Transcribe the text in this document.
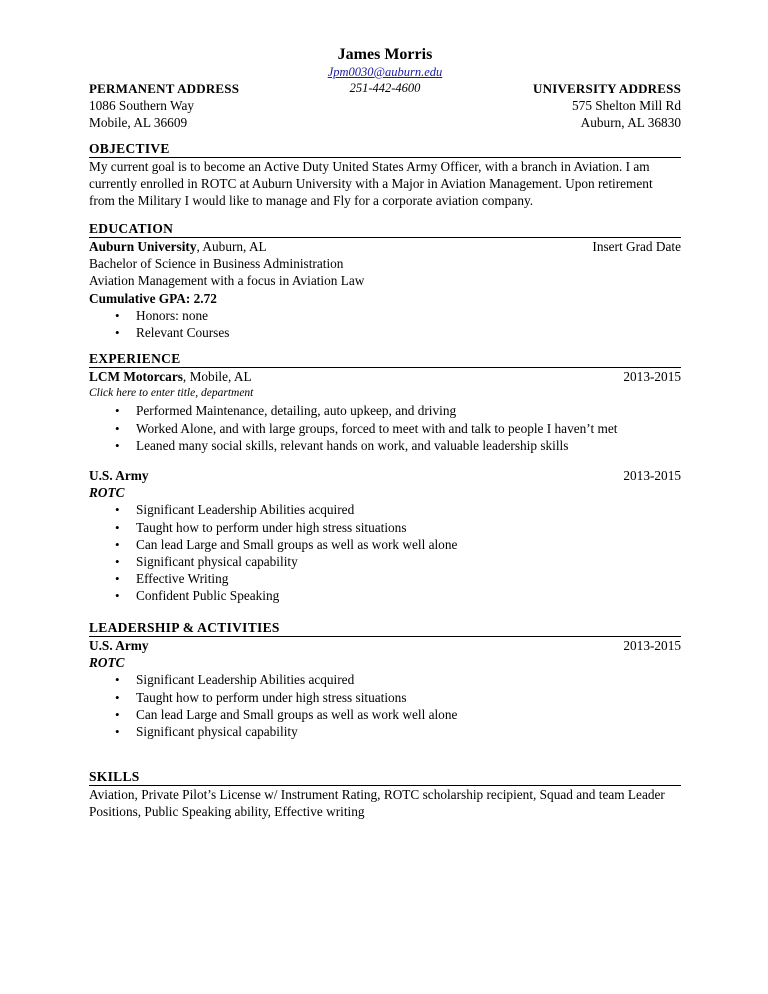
James Morris
Jpm0030@auburn.edu
251-442-4600
PERMANENT ADDRESS
1086 Southern Way
Mobile, AL 36609
UNIVERSITY ADDRESS
575 Shelton Mill Rd
Auburn, AL 36830
OBJECTIVE
My current goal is to become an Active Duty United States Army Officer, with a branch in Aviation. I am currently enrolled in ROTC at Auburn University with a Major in Aviation Management. Upon retirement from the Military I would like to manage and Fly for a corporate aviation company.
EDUCATION
Auburn University, Auburn, AL	Insert Grad Date
Bachelor of Science in Business Administration
Aviation Management with a focus in Aviation Law
Cumulative GPA: 2.72
• Honors: none
• Relevant Courses
EXPERIENCE
LCM Motorcars, Mobile, AL	2013-2015
Click here to enter title, department
• Performed Maintenance, detailing, auto upkeep, and driving
• Worked Alone, and with large groups, forced to meet with and talk to people I haven’t met
• Leaned many social skills, relevant hands on work, and valuable leadership skills
U.S. Army	2013-2015
ROTC
• Significant Leadership Abilities acquired
• Taught how to perform under high stress situations
• Can lead Large and Small groups as well as work well alone
• Significant physical capability
• Effective Writing
• Confident Public Speaking
LEADERSHIP & ACTIVITIES
U.S. Army	2013-2015
ROTC
• Significant Leadership Abilities acquired
• Taught how to perform under high stress situations
• Can lead Large and Small groups as well as work well alone
• Significant physical capability
SKILLS
Aviation, Private Pilot’s License w/ Instrument Rating, ROTC scholarship recipient, Squad and team Leader Positions, Public Speaking ability, Effective writing
